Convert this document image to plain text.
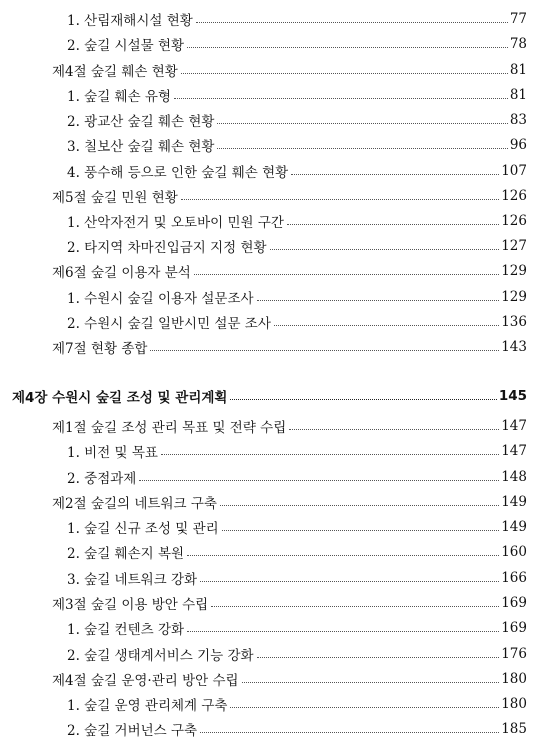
1. 산림재해시설 현황	77
2. 숲길 시설물 현황	78
제4절 숲길 훼손 현황	81
1. 숲길 훼손 유형	81
2. 광교산 숲길 훼손 현황	83
3. 칠보산 숲길 훼손 현황	96
4. 풍수해 등으로 인한 숲길 훼손 현황	107
제5절 숲길 민원 현황	126
1. 산악자전거 및 오토바이 민원 구간	126
2. 타지역 차마진입금지 지정 현황	127
제6절 숲길 이용자 분석	129
1. 수원시 숲길 이용자 설문조사	129
2. 수원시 숲길 일반시민 설문 조사	136
제7절 현황 종합	143
제4장 수원시 숲길 조성 및 관리계획	145
제1절 숲길 조성 관리 목표 및 전략 수립	147
1. 비전 및 목표	147
2. 중점과제	148
제2절 숲길의 네트워크 구축	149
1. 숲길 신규 조성 및 관리	149
2. 숲길 훼손지 복원	160
3. 숲길 네트워크 강화	166
제3절 숲길 이용 방안 수립	169
1. 숲길 컨텐츠 강화	169
2. 숲길 생태계서비스 기능 강화	176
제4절 숲길 운영·관리 방안 수립	180
1. 숲길 운영 관리체계 구축	180
2. 숲길 거버넌스 구축	185
